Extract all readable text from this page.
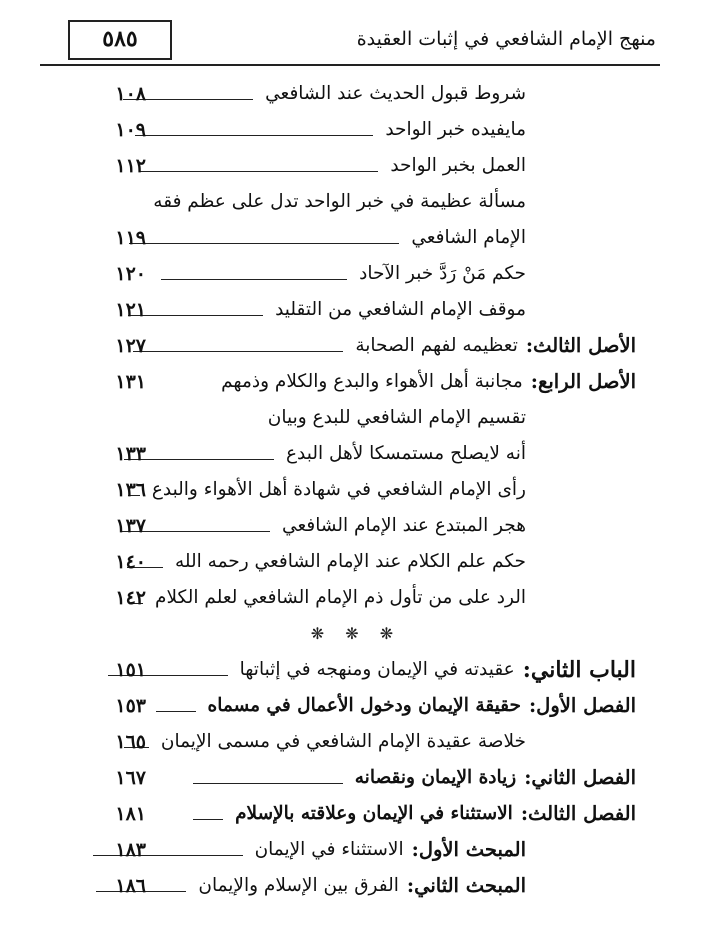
٥٨٥	منهج الإمام الشافعي في إثبات العقيدة
شروط قبول الحديث عند الشافعي
١٠٨
مايفيده خبر الواحد
١٠٩
العمل بخبر الواحد
١١٢
مسألة عظيمة في خبر الواحد تدل على عظم فقه
الإمام الشافعي
١١٩
حكم مَنْ رَدَّ خبر الآحاد
١٢٠
موقف الإمام الشافعي من التقليد
١٢١
الأصل الثالث:
تعظيمه لفهم الصحابة
١٢٧
الأصل الرابع:
مجانبة أهل الأهواء والبدع والكلام وذمهم
١٣١
تقسيم الإمام الشافعي للبدع وبيان
أنه لايصلح مستمسكا لأهل البدع
١٣٣
رأى الإمام الشافعي في شهادة أهل الأهواء والبدع
١٣٦
هجر المبتدع عند الإمام الشافعي
١٣٧
حكم علم الكلام عند الإمام الشافعي رحمه الله
١٤٠
الرد على من تأول ذم الإمام الشافعي لعلم الكلام
١٤٢
❋ ❋ ❋
الباب الثاني:
عقيدته في الإيمان ومنهجه في إثباتها
١٥١
الفصل الأول:
حقيقة الإيمان ودخول الأعمال في مسماه
١٥٣
خلاصة عقيدة الإمام الشافعي في مسمى الإيمان
١٦٥
الفصل الثاني:
زيادة الإيمان ونقصانه
١٦٧
الفصل الثالث:
الاستثناء في الإيمان وعلاقته بالإسلام
١٨١
المبحث الأول:
الاستثناء في الإيمان
١٨٣
المبحث الثاني:
الفرق بين الإسلام والإيمان
١٨٦
